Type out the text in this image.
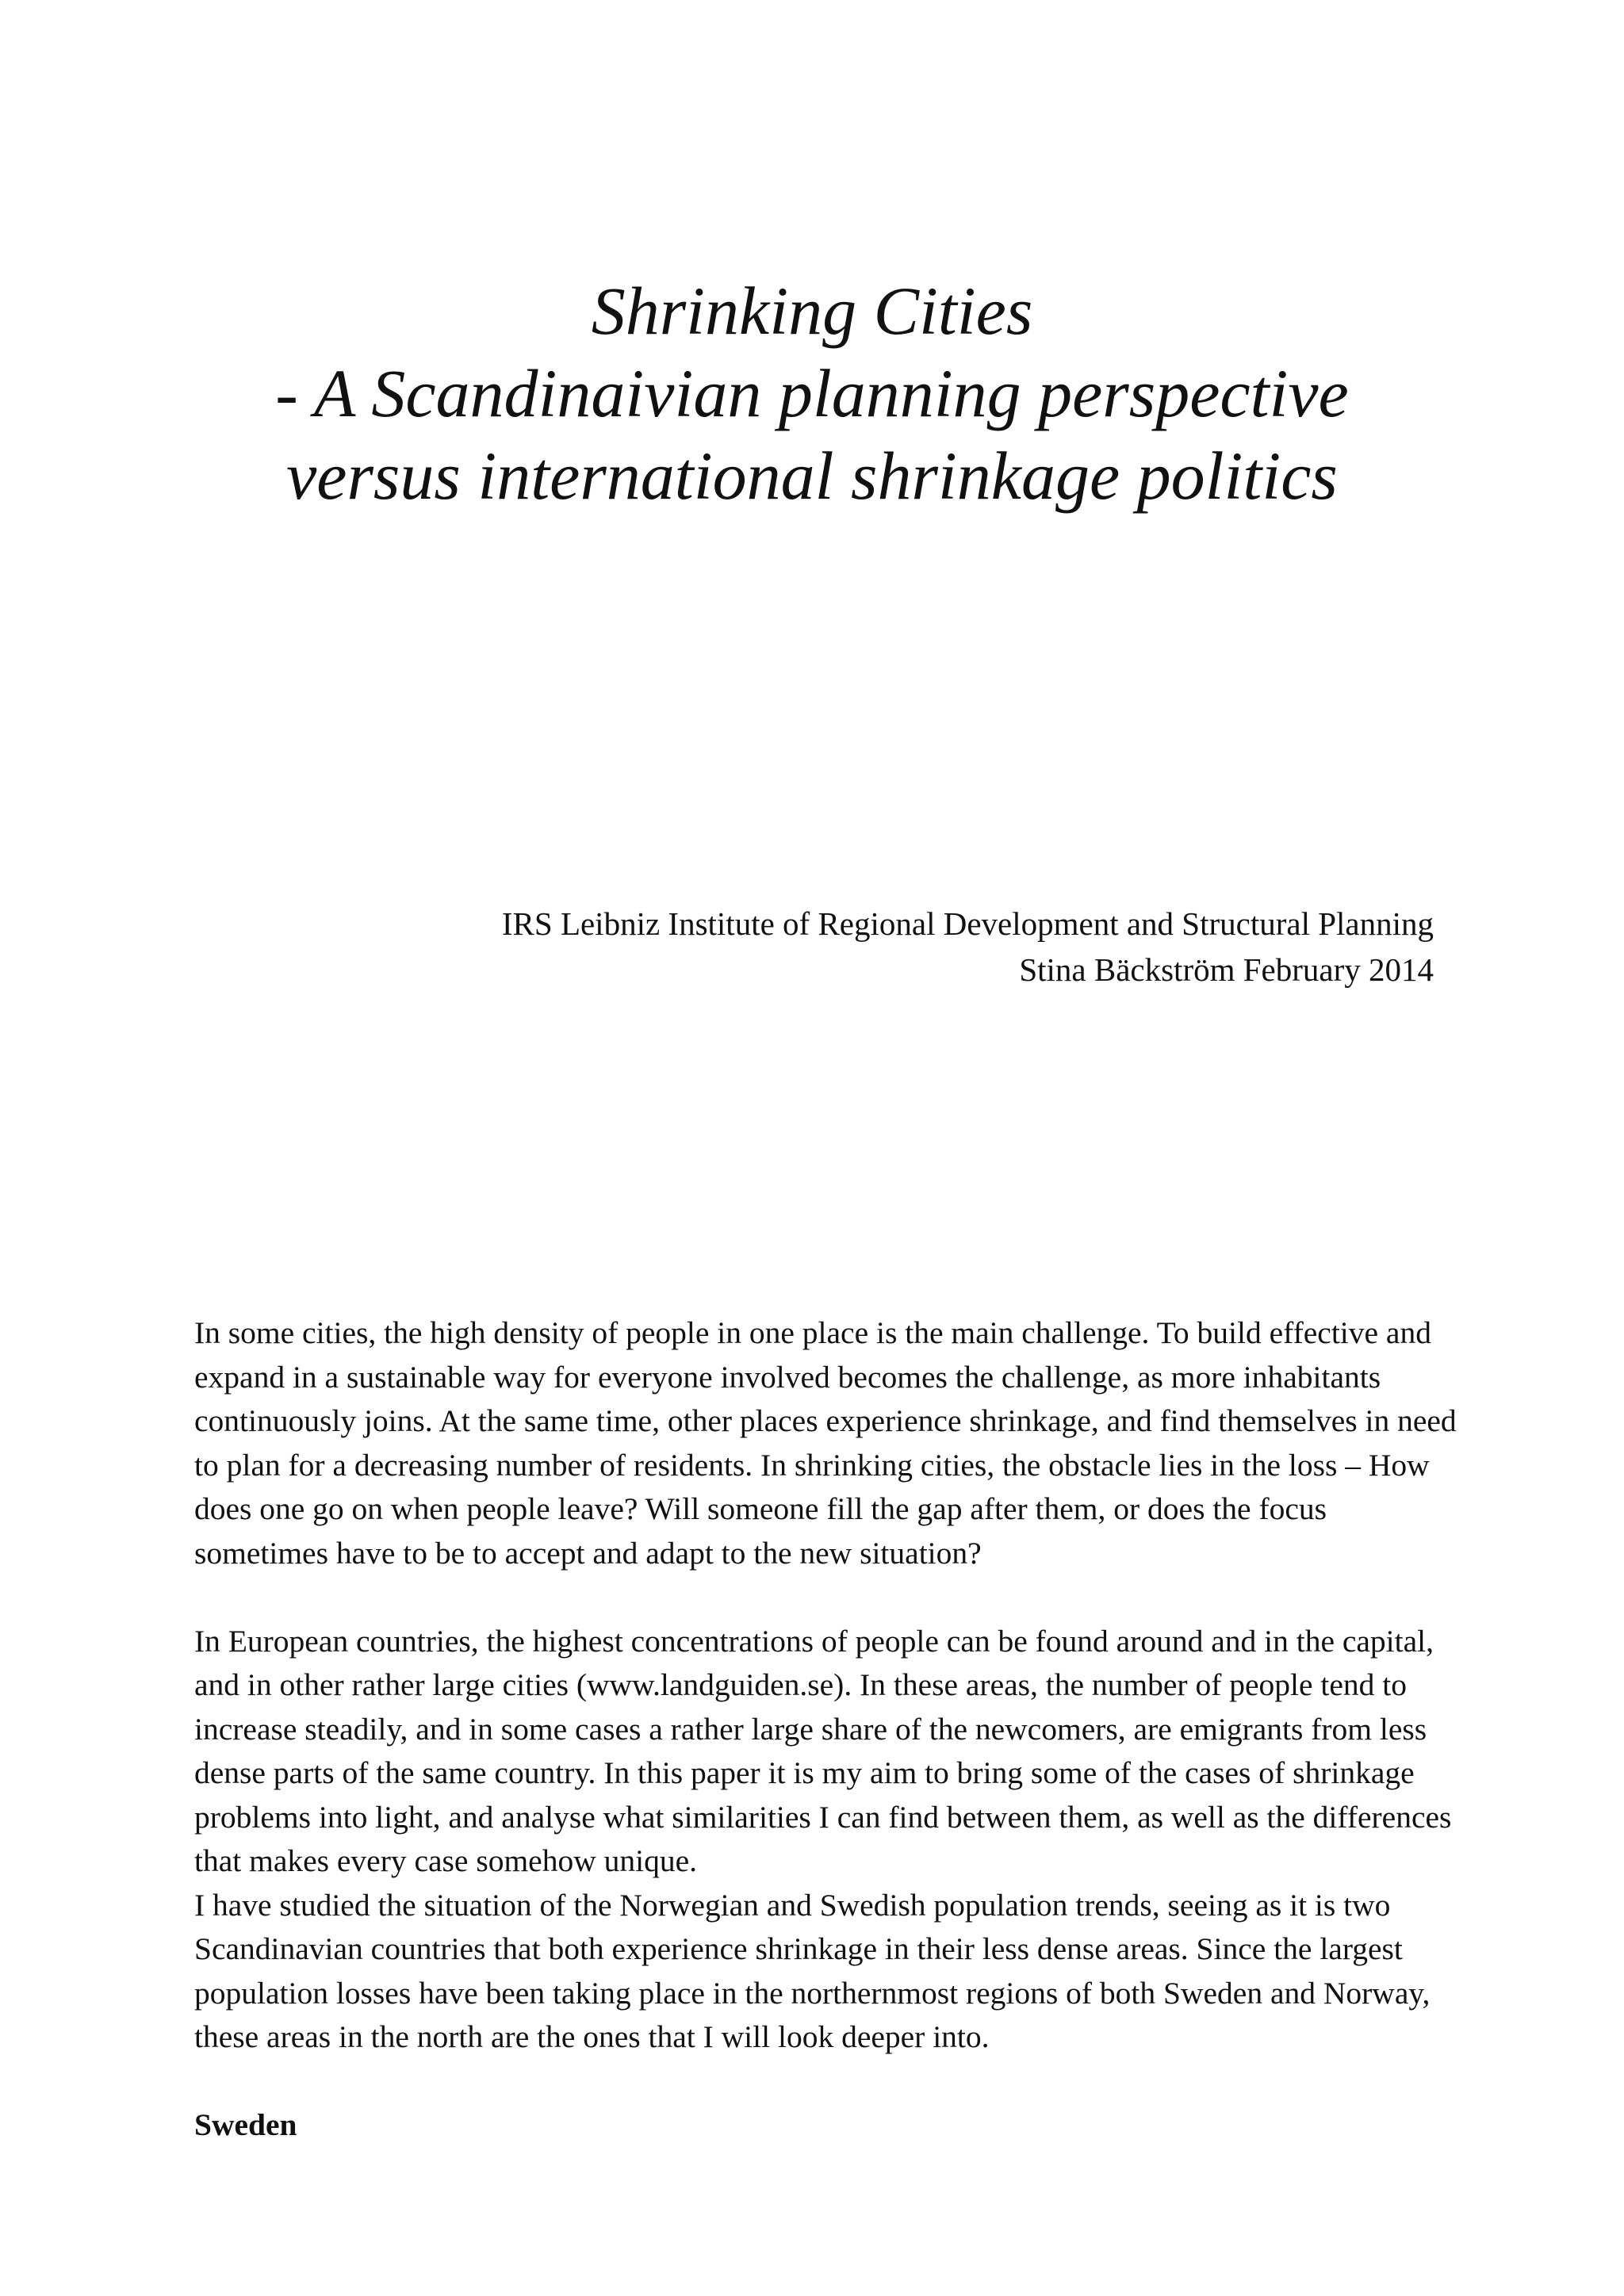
Shrinking Cities
- A Scandinaivian planning perspective
versus international shrinkage politics
IRS Leibniz Institute of Regional Development and Structural Planning
Stina Bäckström February 2014

In some cities, the high density of people in one place is the main challenge. To build effective and expand in a sustainable way for everyone involved becomes the challenge, as more inhabitants continuously joins. At the same time, other places experience shrinkage, and find themselves in need to plan for a decreasing number of residents. In shrinking cities, the obstacle lies in the loss – How does one go on when people leave? Will someone fill the gap after them, or does the focus sometimes have to be to accept and adapt to the new situation?

In European countries, the highest concentrations of people can be found around and in the capital, and in other rather large cities (www.landguiden.se). In these areas, the number of people tend to increase steadily, and in some cases a rather large share of the newcomers, are emigrants from less dense parts of the same country. In this paper it is my aim to bring some of the cases of shrinkage problems into light, and analyse what similarities I can find between them, as well as the differences that makes every case somehow unique.

I have studied the situation of the Norwegian and Swedish population trends, seeing as it is two Scandinavian countries that both experience shrinkage in their less dense areas. Since the largest population losses have been taking place in the northernmost regions of both Sweden and Norway, these areas in the north are the ones that I will look deeper into.

Sweden
